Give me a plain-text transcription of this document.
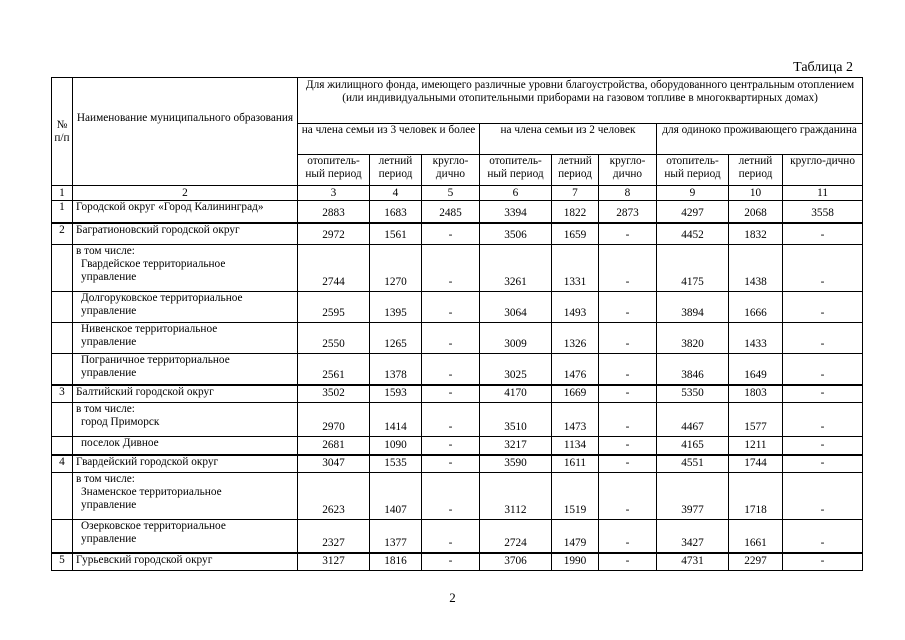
Таблица 2
№
п/п	Наименование муниципального образования	Для жилищного фонда, имеющего различные уровни благоустройства, оборудованного центральным отоплением (или индивидуальными отопительными приборами на газовом топливе в многоквартирных домах)								
		на члена семьи из 3 человек и более			на члена семьи из 2 человек			для одиноко проживающего гражданина		
		отопитель-ный период	летний период	кругло-дично	отопитель-ный период	летний период	кругло-дично	отопитель-ный период	летний период	кругло-дично
1	2	3	4	5	6	7	8	9	10	11
1	Городской округ «Город Калининград»	2883	1683	2485	3394	1822	2873	4297	2068	3558
2	Багратионовский городской округ	2972	1561	-	3506	1659	-	4452	1832	-

	в том числе:
Гвардейское территориальное
управление	2744	1270	-	3261	1331	-	4175	1438	-

	Долгоруковское территориальное
управление	2595	1395	-	3064	1493	-	3894	1666	-

	Нивенское территориальное
управление	2550	1265	-	3009	1326	-	3820	1433	-

	Пограничное территориальное
управление	2561	1378	-	3025	1476	-	3846	1649	-
3	Балтийский городской округ	3502	1593	-	4170	1669	-	5350	1803	-

	в том числе:
город Приморск	2970	1414	-	3510	1473	-	4467	1577	-

	поселок Дивное	2681	1090	-	3217	1134	-	4165	1211	-
4	Гвардейский городской округ	3047	1535	-	3590	1611	-	4551	1744	-

	в том числе:
Знаменское территориальное
управление	2623	1407	-	3112	1519	-	3977	1718	-

	Озерковское территориальное
управление	2327	1377	-	2724	1479	-	3427	1661	-
5	Гурьевский городской округ	3127	1816	-	3706	1990	-	4731	2297	-
2
